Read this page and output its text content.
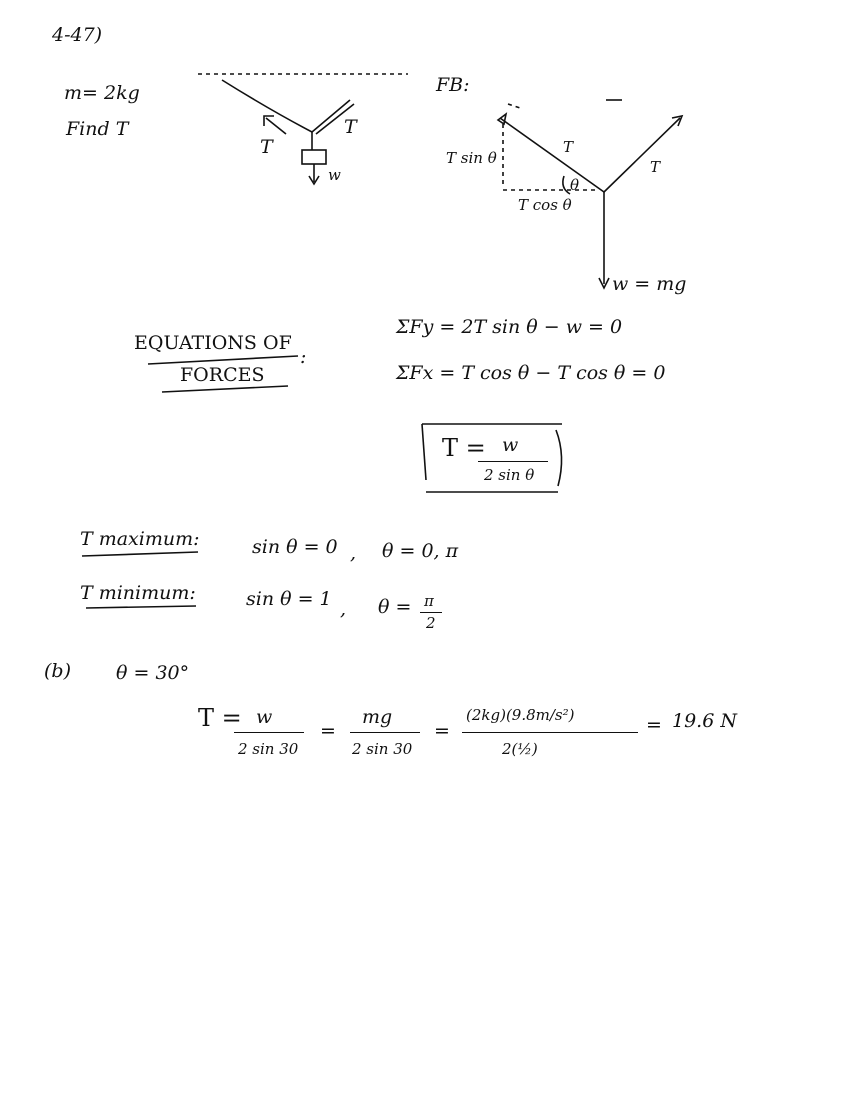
4-47)
m= 2kg
Find T
T
T
w
FB:
T
T
T sin θ
T cos θ
θ
w = mg
EQUATIONS OF
FORCES
:
ΣFy = 2T sin θ − w = 0
ΣFx = T cos θ − T cos θ = 0
T = w
2 sin θ
T maximum:	sin θ = 0 , θ = 0, π
T minimum:	sin θ = 1 , θ = π
2
(b) θ = 30°
T = w
2 sin 30
=
mg
2 sin 30
=
(2kg)(9.8m/s²)
2(½)
= 19.6 N
